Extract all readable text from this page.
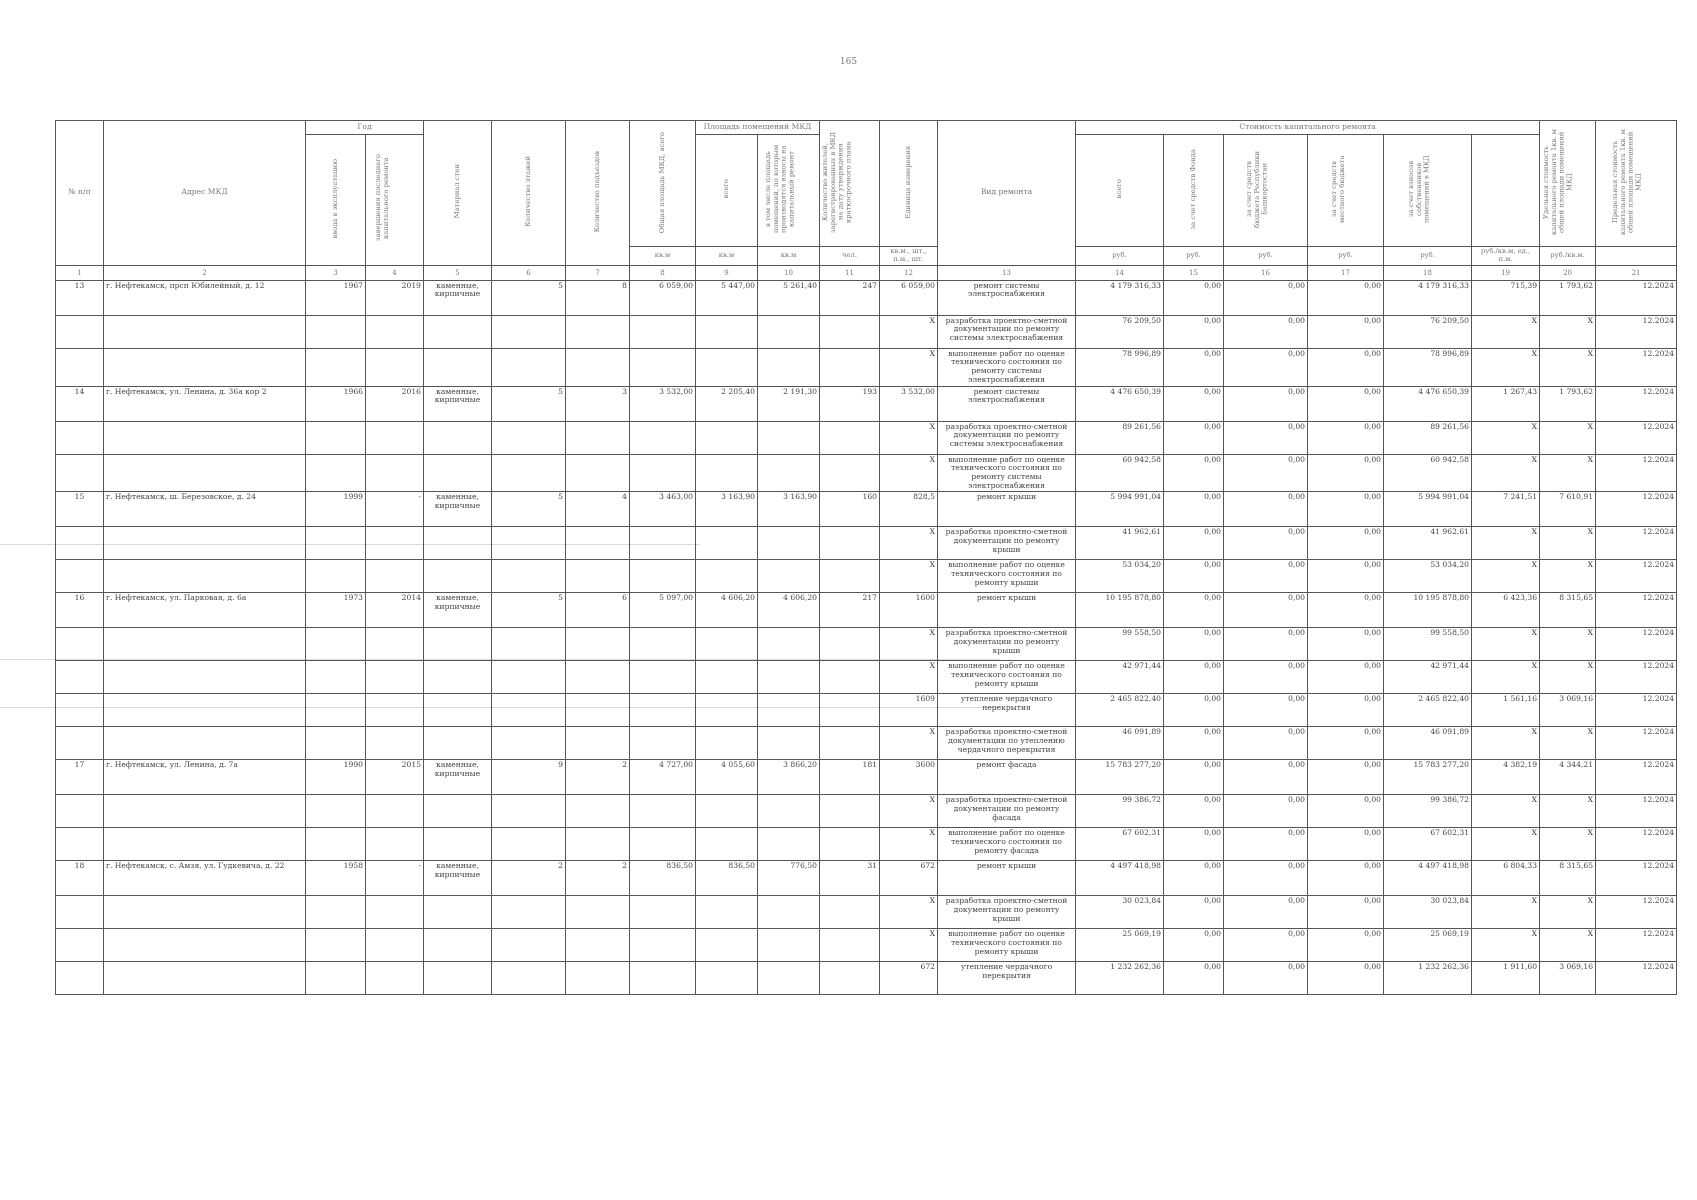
165
№ п/п	Адрес МКД	Год		Материал стен	Количество этажей	Количество подъездов	Общая площадь МКД, всего	Площадь помещений МКД		Количество жителей, зарегистрированных в МКД на дату утверждения краткосрочного плана	Единица измерения	Вид ремонта	Стоимость капитального ремонта						Удельная стоимость капитального ремонта 1кв. м общей площади помещений МКД	Предельная стоимость капитального ремонта 1кв. м общей площади помещений МКД	
		ввода в эксплуатацию	завершения последнего капитального ремонта					всего	в том числе площадь помещений, по которым производятся взносы на капитальный ремонт				всего	за счет средств Фонда	за счет средств бюджета Республики Башкортостан	за счет средств местного бюджета	за счет взносов собственников помещений в МКД				
							кв.м	кв.м	кв.м	чел.	кв.м., шт., п.м., шт.		руб.	руб.	руб.	руб.	руб.	руб./кв.м, ед., п.м.	руб./кв.м.		
1	2	3	4	5	6	7	8	9	10	11	12	13	14	15	16	17	18	19	20	21	
13	г. Нефтекамск, прсп Юбилейный, д. 12	1967	2019	каменные, кирпичные	5	8	6 059,00	5 447,00	5 261,40	247	6 059,00	ремонт системы электроснабжения	4 179 316,33	0,00	0,00	0,00	4 179 316,33	715,39	1 793,62	12.2024	
											X	разработка проектно-сметной документации по ремонту системы электроснабжения	76 209,50	0,00	0,00	0,00	76 209,50	X	X	12.2024	
											X	выполнение работ по оценке технического состояния по ремонту системы электроснабжения	78 996,89	0,00	0,00	0,00	78 996,89	X	X	12.2024	
14	г. Нефтекамск, ул. Ленина, д. 36а кор 2	1966	2016	каменные, кирпичные	5	3	3 532,00	2 205,40	2 191,30	193	3 532,00	ремонт системы электроснабжения	4 476 650,39	0,00	0,00	0,00	4 476 650,39	1 267,43	1 793,62	12.2024	
											X	разработка проектно-сметной документации по ремонту системы электроснабжения	89 261,56	0,00	0,00	0,00	89 261,56	X	X	12.2024	
											X	выполнение работ по оценке технического состояния по ремонту системы электроснабжения	60 942,58	0,00	0,00	0,00	60 942,58	X	X	12.2024	
15	г. Нефтекамск, ш. Березовское, д. 24	1999	-	каменные, кирпичные	5	4	3 463,00	3 163,90	3 163,90	160	828,5	ремонт крыши	5 994 991,04	0,00	0,00	0,00	5 994 991,04	7 241,51	7 610,91	12.2024	
											X	разработка проектно-сметной документации по ремонту крыши	41 962,61	0,00	0,00	0,00	41 962,61	X	X	12.2024	
											X	выполнение работ по оценке технического состояния по ремонту крыши	53 034,20	0,00	0,00	0,00	53 034,20	X	X	12.2024	
16	г. Нефтекамск, ул. Парковая, д. 6а	1973	2014	каменные, кирпичные	5	6	5 097,00	4 606,20	4 606,20	217	1600	ремонт крыши	10 195 878,80	0,00	0,00	0,00	10 195 878,80	6 423,36	8 315,65	12.2024	
											X	разработка проектно-сметной документации по ремонту крыши	99 558,50	0,00	0,00	0,00	99 558,50	X	X	12.2024	
											X	выполнение работ по оценке технического состояния по ремонту крыши	42 971,44	0,00	0,00	0,00	42 971,44	X	X	12.2024	
											1609	утепление чердачного перекрытия	2 465 822,40	0,00	0,00	0,00	2 465 822,40	1 561,16	3 069,16	12.2024	
											X	разработка проектно-сметной документации по утеплению чердачного перекрытия	46 091,89	0,00	0,00	0,00	46 091,89	X	X	12.2024	
17	г. Нефтекамск, ул. Ленина, д. 7а	1990	2015	каменные, кирпичные	9	2	4 727,00	4 055,60	3 866,20	181	3600	ремонт фасада	15 783 277,20	0,00	0,00	0,00	15 783 277,20	4 382,19	4 344,21	12.2024	
											X	разработка проектно-сметной документации по ремонту фасада	99 386,72	0,00	0,00	0,00	99 386,72	X	X	12.2024	
											X	выполнение работ по оценке технического состояния по ремонту фасада	67 602,31	0,00	0,00	0,00	67 602,31	X	X	12.2024	
18	г. Нефтекамск, с. Амзя, ул. Гудкевича, д. 22	1958	-	каменные, кирпичные	2	2	836,50	836,50	776,50	31	672	ремонт крыши	4 497 418,98	0,00	0,00	0,00	4 497 418,98	6 804,33	8 315,65	12.2024	
											X	разработка проектно-сметной документации по ремонту крыши	30 023,84	0,00	0,00	0,00	30 023,84	X	X	12.2024	
											X	выполнение работ по оценке технического состояния по ремонту крыши	25 069,19	0,00	0,00	0,00	25 069,19	X	X	12.2024	
											672	утепление чердачного перекрытия	1 232 262,36	0,00	0,00	0,00	1 232 262,36	1 911,60	3 069,16	12.2024	
